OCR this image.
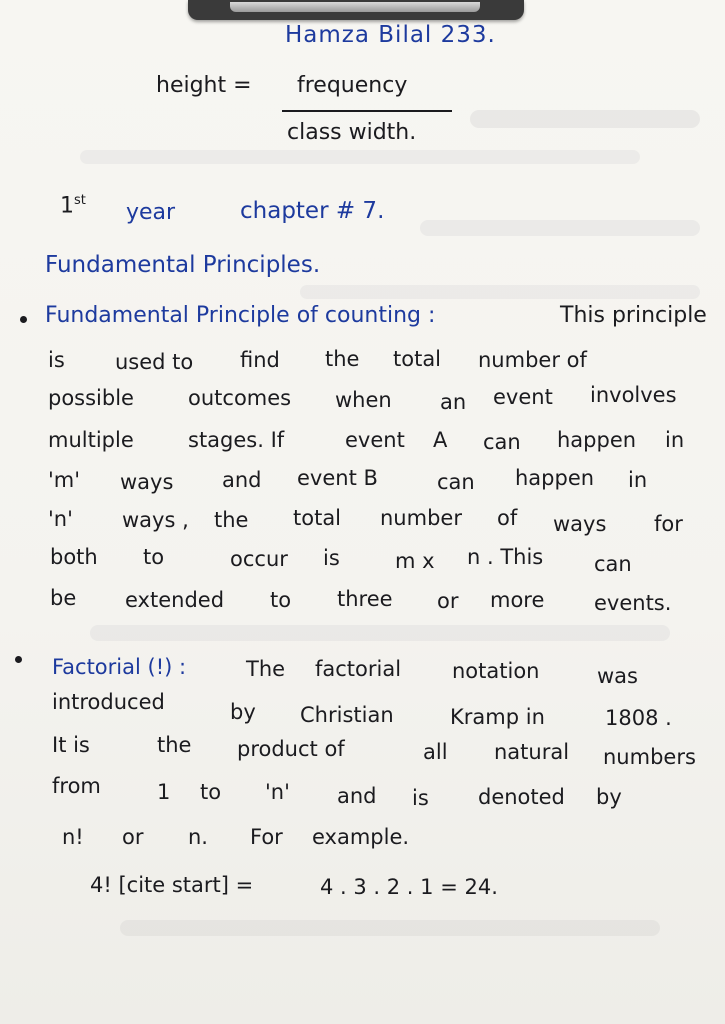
Hamza Bilal 233.
height = frequency
class width.
1st year	chapter # 7.
Fundamental Principles.
Fundamental Principle of counting :	This principle
is used to find the total number of
possible	outcomes when an event involves
multiple	stages. If	event A can happen in
'm' ways and event B	can happen in
'n' ways , the total number of ways for
both to	occur is	m x n . This can
be extended to three or more events.
Factorial (!) :	The factorial notation	was
introduced	by Christian	Kramp in	1808 .
It is	the product of	all natural numbers
from	1 to 'n' and is denoted by
n! or n. For example.
4! [cite start] =	4 . 3 . 2 . 1 = 24.
